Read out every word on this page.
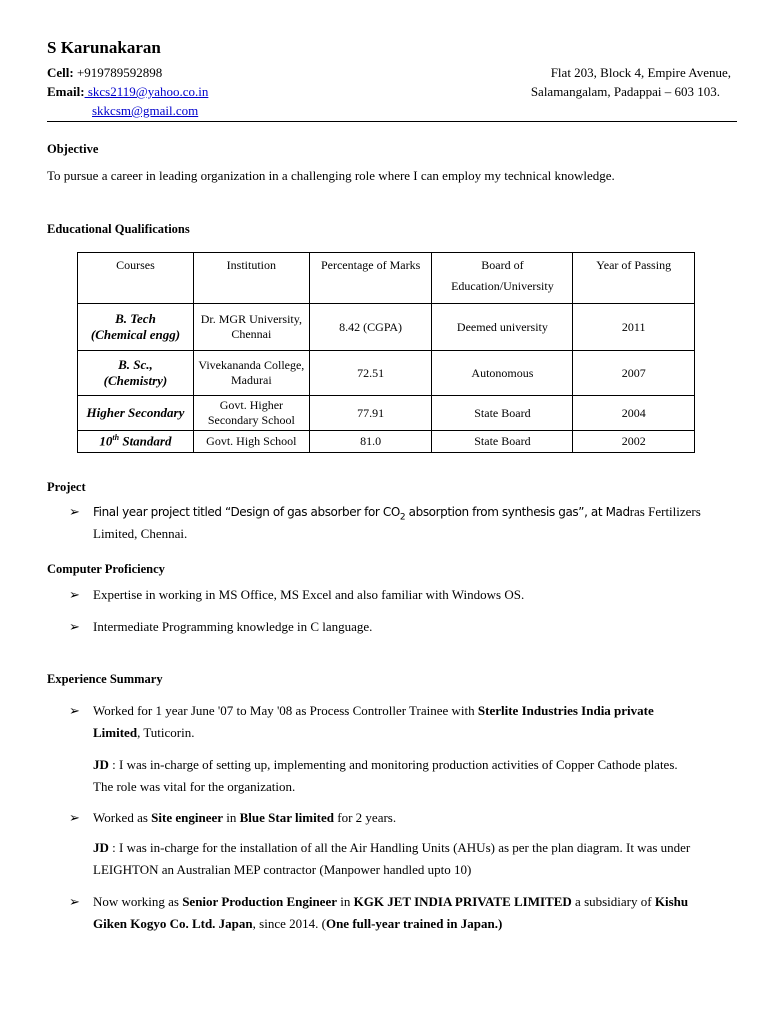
S Karunakaran
Cell: +919789592898
Email: skcs2119@yahoo.co.in
skkcsm@gmail.com
Flat 203, Block 4, Empire Avenue,
Salamangalam, Padappai – 603 103.
Objective
To pursue a career in leading organization in a challenging role where I can employ my technical knowledge.
Educational Qualifications
Courses	Institution	Percentage of Marks	Board of Education/University	Year of Passing
B. Tech
(Chemical engg)	Dr. MGR University, Chennai	8.42 (CGPA)	Deemed university	2011
B. Sc.,
(Chemistry)	Vivekananda College, Madurai	72.51	Autonomous	2007
Higher Secondary	Govt. Higher Secondary School	77.91	State Board	2004
10th Standard	Govt. High School	81.0	State Board	2002
Project
➢ Final year project titled “Design of gas absorber for $CO_2$ absorption from synthesis gas”, at Madras Fertilizers
Limited, Chennai.
Computer Proficiency
➢ Expertise in working in MS Office, MS Excel and also familiar with Windows OS.
➢ Intermediate Programming knowledge in C language.
Experience Summary
➢ Worked for 1 year June '07 to May '08 as Process Controller Trainee with Sterlite Industries India private
Limited, Tuticorin.
JD : I was in-charge of setting up, implementing and monitoring production activities of Copper Cathode plates.
The role was vital for the organization.
➢ Worked as Site engineer in Blue Star limited for 2 years.
JD : I was in-charge for the installation of all the Air Handling Units (AHUs) as per the plan diagram. It was under
LEIGHTON an Australian MEP contractor (Manpower handled upto 10)
➢ Now working as Senior Production Engineer in KGK JET INDIA PRIVATE LIMITED a subsidiary of Kishu
Giken Kogyo Co. Ltd. Japan, since 2014. (One full-year trained in Japan.)
